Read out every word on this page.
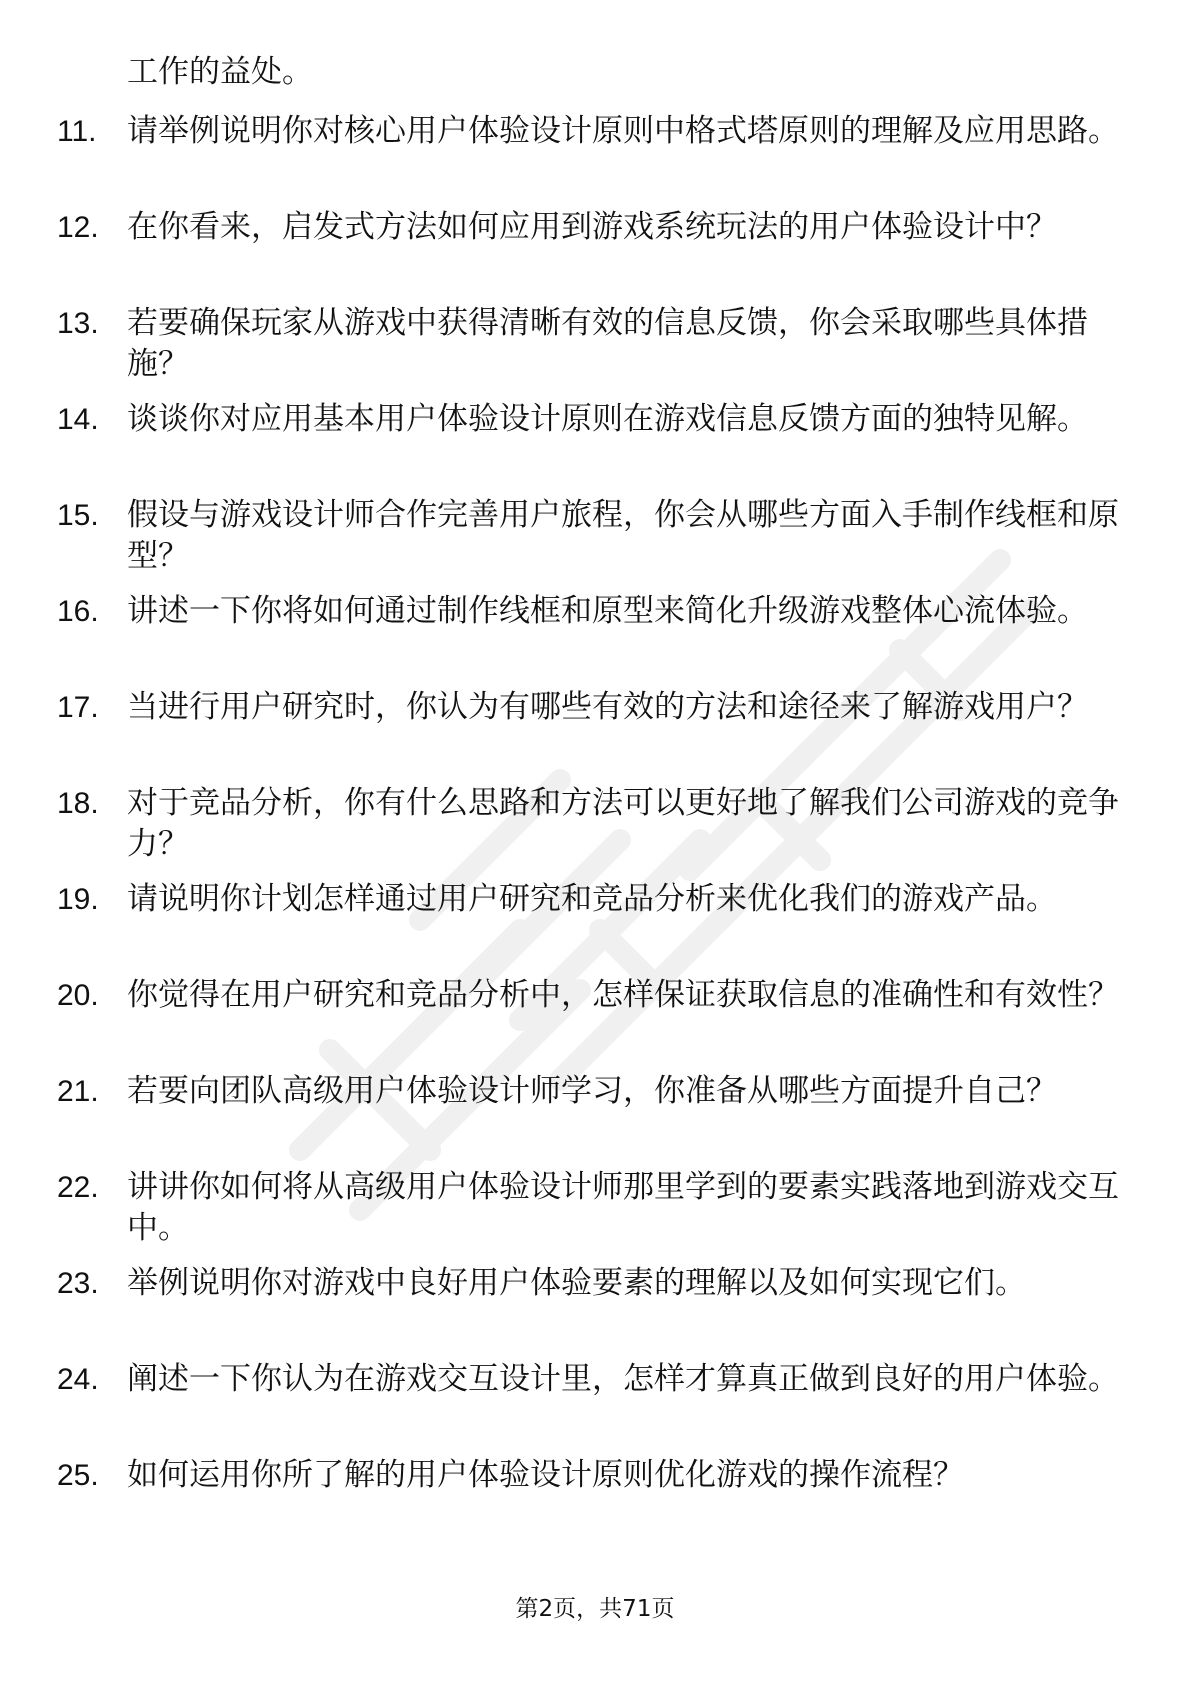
工作的益处。
11. 请举例说明你对核心用户体验设计原则中格式塔原则的理解及应用思路。
12. 在你看来，启发式方法如何应用到游戏系统玩法的用户体验设计中？
13. 若要确保玩家从游戏中获得清晰有效的信息反馈，你会采取哪些具体措施？
14. 谈谈你对应用基本用户体验设计原则在游戏信息反馈方面的独特见解。
15. 假设与游戏设计师合作完善用户旅程，你会从哪些方面入手制作线框和原型？
16. 讲述一下你将如何通过制作线框和原型来简化升级游戏整体心流体验。
17. 当进行用户研究时，你认为有哪些有效的方法和途径来了解游戏用户？
18. 对于竞品分析，你有什么思路和方法可以更好地了解我们公司游戏的竞争力？
19. 请说明你计划怎样通过用户研究和竞品分析来优化我们的游戏产品。
20. 你觉得在用户研究和竞品分析中，怎样保证获取信息的准确性和有效性？
21. 若要向团队高级用户体验设计师学习，你准备从哪些方面提升自己？
22. 讲讲你如何将从高级用户体验设计师那里学到的要素实践落地到游戏交互中。
23. 举例说明你对游戏中良好用户体验要素的理解以及如何实现它们。
24. 阐述一下你认为在游戏交互设计里，怎样才算真正做到良好的用户体验。
25. 如何运用你所了解的用户体验设计原则优化游戏的操作流程？
第2页，共71页
